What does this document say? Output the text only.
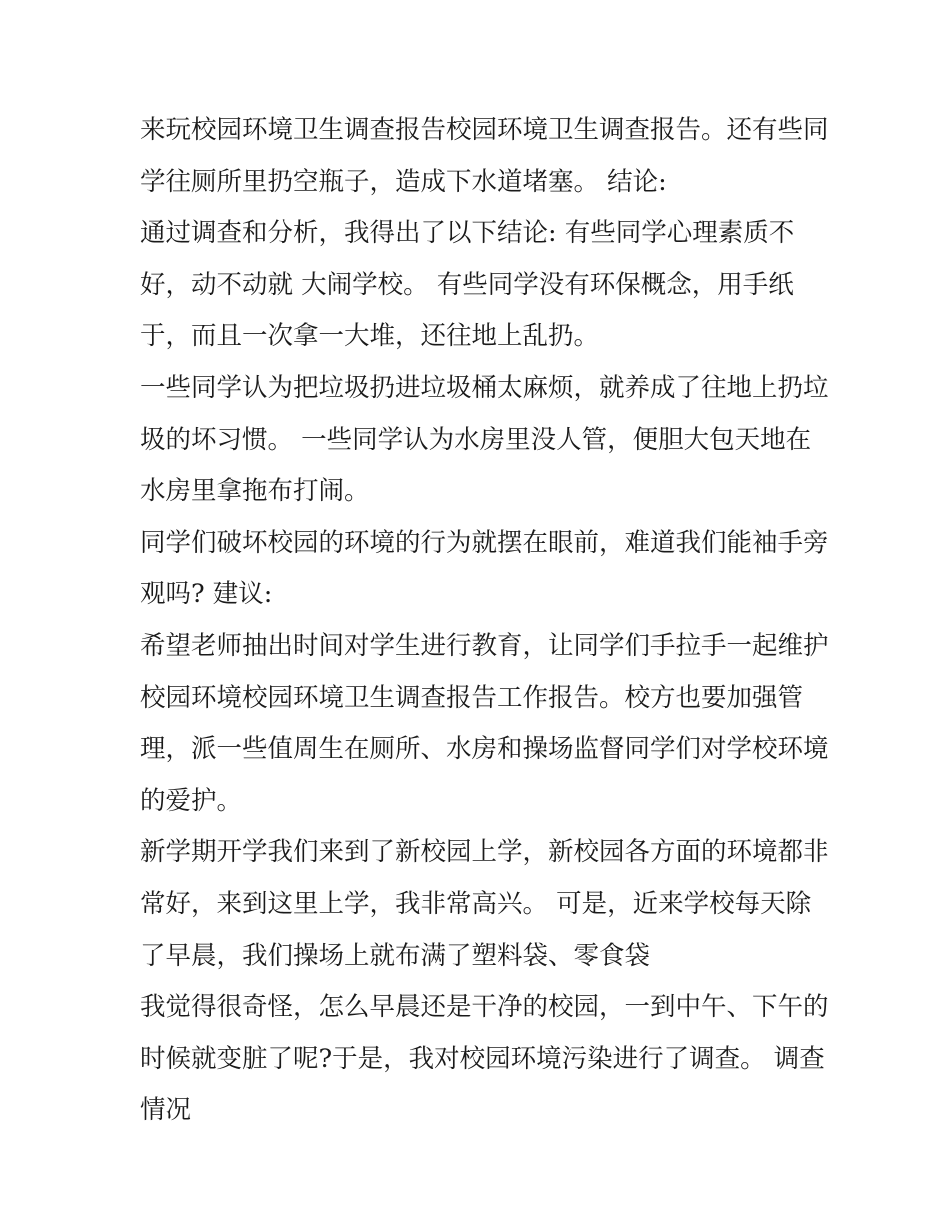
来玩校园环境卫生调查报告校园环境卫生调查报告。还有些同
学往厕所里扔空瓶子，造成下水道堵塞。 结论:
通过调查和分析，我得出了以下结论: 有些同学心理素质不
好，动不动就 大闹学校。 有些同学没有环保概念，用手纸
于，而且一次拿一大堆，还往地上乱扔。
一些同学认为把垃圾扔进垃圾桶太麻烦，就养成了往地上扔垃
圾的坏习惯。 一些同学认为水房里没人管，便胆大包天地在
水房里拿拖布打闹。
同学们破坏校园的环境的行为就摆在眼前，难道我们能袖手旁
观吗? 建议:
希望老师抽出时间对学生进行教育，让同学们手拉手一起维护
校园环境校园环境卫生调查报告工作报告。校方也要加强管
理，派一些值周生在厕所、水房和操场监督同学们对学校环境
的爱护。
新学期开学我们来到了新校园上学，新校园各方面的环境都非
常好，来到这里上学，我非常高兴。 可是，近来学校每天除
了早晨，我们操场上就布满了塑料袋、零食袋
我觉得很奇怪，怎么早晨还是干净的校园，一到中午、下午的
时候就变脏了呢?于是，我对校园环境污染进行了调查。 调查
情况
